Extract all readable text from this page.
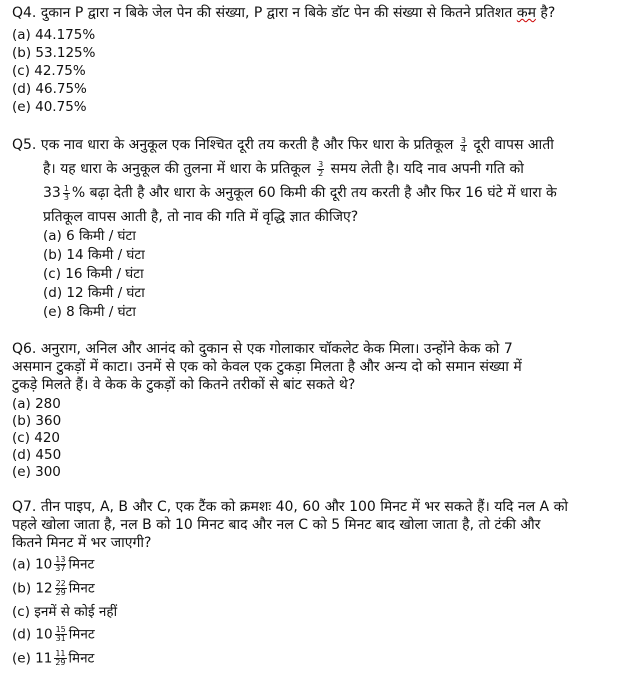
Q4. दुकान P द्वारा न बिके जेल पेन की संख्या, P द्वारा न बिके डॉट पेन की संख्या से कितने प्रतिशत कम है?
(a) 44.175%
(b) 53.125%
(c) 42.75%
(d) 46.75%
(e) 40.75%
Q5. एक नाव धारा के अनुकूल एक निश्चित दूरी तय करती है और फिर धारा के प्रतिकूल $\frac{3}{4}$ दूरी वापस आती
है। यह धारा के अनुकूल की तुलना में धारा के प्रतिकूल $\frac{3}{2}$ समय लेती है। यदि नाव अपनी गति को
$33 \frac{1}{3}$ % बढ़ा देती है और धारा के अनुकूल 60 किमी की दूरी तय करती है और फिर 16 घंटे में धारा के
प्रतिकूल वापस आती है, तो नाव की गति में वृद्धि ज्ञात कीजिए?
(a) 6 किमी / घंटा
(b) 14 किमी / घंटा
(c) 16 किमी / घंटा
(d) 12 किमी / घंटा
(e) 8 किमी / घंटा
Q6. अनुराग, अनिल और आनंद को दुकान से एक गोलाकार चॉकलेट केक मिला। उन्होंने केक को 7
असमान टुकड़ों में काटा। उनमें से एक को केवल एक टुकड़ा मिलता है और अन्य दो को समान संख्या में
टुकड़े मिलते हैं। वे केक के टुकड़ों को कितने तरीकों से बांट सकते थे?
(a) 280
(b) 360
(c) 420
(d) 450
(e) 300
Q7. तीन पाइप, A, B और C, एक टैंक को क्रमशः 40, 60 और 100 मिनट में भर सकते हैं। यदि नल A को
पहले खोला जाता है, नल B को 10 मिनट बाद और नल C को 5 मिनट बाद खोला जाता है, तो टंकी और
कितने मिनट में भर जाएगी?
(a) $10 \frac{13}{37}$ मिनट
(b) $12 \frac{22}{29}$ मिनट
(c) इनमें से कोई नहीं
(d) $10 \frac{15}{31}$ मिनट
(e) $11 \frac{11}{29}$ मिनट
